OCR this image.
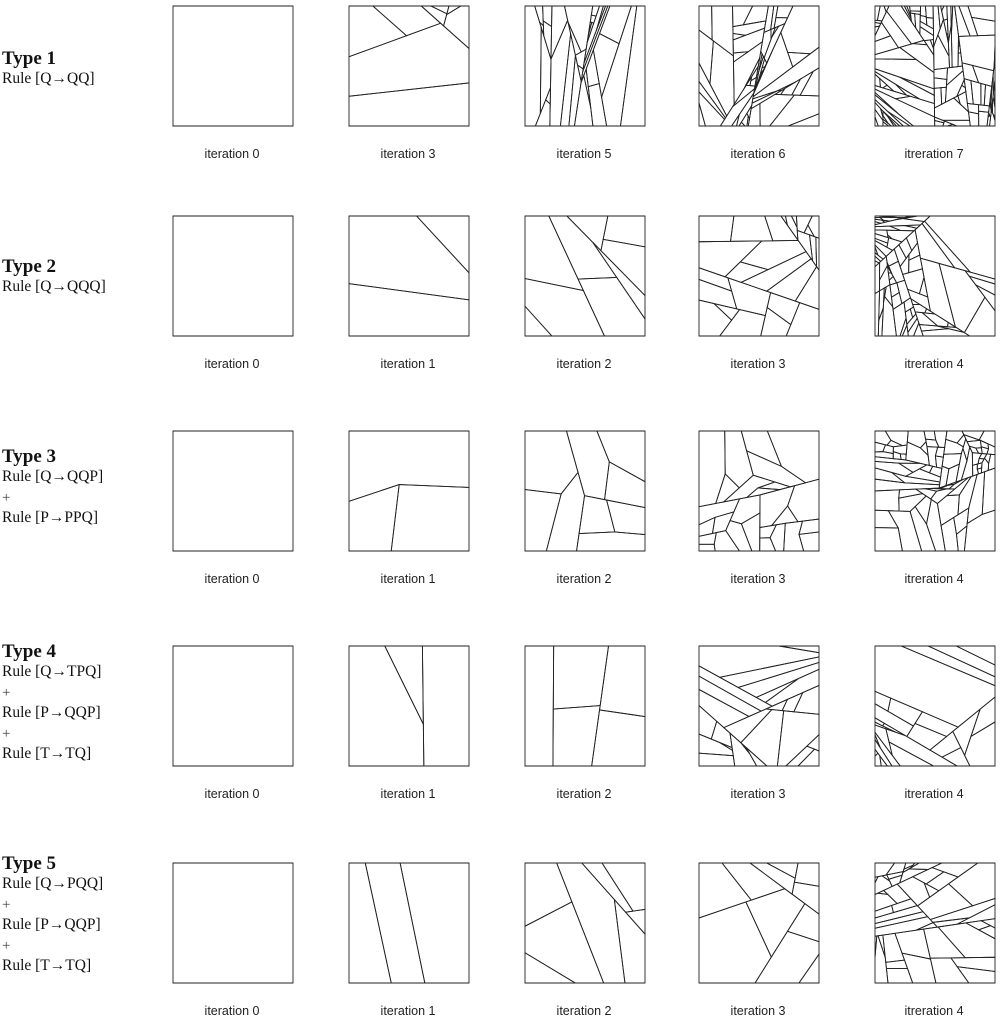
Type 1
Rule [Q→QQ]
iteration 0	iteration 3	iteration 5	iteration 6	itreration 7
Type 2
Rule [Q→QQQ]
iteration 0	iteration 1	iteration 2	iteration 3	itreration 4
Type 3
Rule [Q→QQP]
+
Rule [P→PPQ]
iteration 0	iteration 1	iteration 2	iteration 3	itreration 4
Type 4
Rule [Q→TPQ]
+
Rule [P→QQP]
+
Rule [T→TQ]
iteration 0	iteration 1	iteration 2	iteration 3	itreration 4
Type 5
Rule [Q→PQQ]
+
Rule [P→QQP]
+
Rule [T→TQ]
iteration 0	iteration 1	iteration 2	iteration 3	itreration 4
